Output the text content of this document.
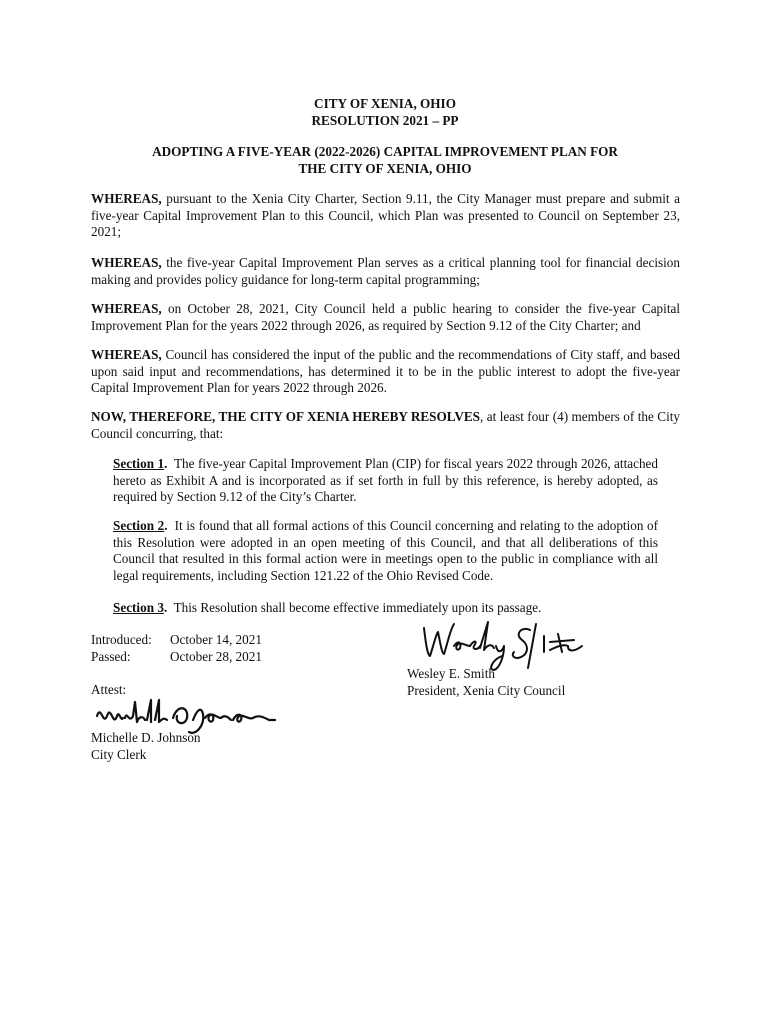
CITY OF XENIA, OHIO
RESOLUTION 2021 – PP
ADOPTING A FIVE-YEAR (2022-2026) CAPITAL IMPROVEMENT PLAN FOR
THE CITY OF XENIA, OHIO
WHEREAS, pursuant to the Xenia City Charter, Section 9.11, the City Manager must prepare and submit a five-year Capital Improvement Plan to this Council, which Plan was presented to Council on September 23, 2021;
WHEREAS, the five-year Capital Improvement Plan serves as a critical planning tool for financial decision making and provides policy guidance for long-term capital programming;
WHEREAS, on October 28, 2021, City Council held a public hearing to consider the five-year Capital Improvement Plan for the years 2022 through 2026, as required by Section 9.12 of the City Charter; and
WHEREAS, Council has considered the input of the public and the recommendations of City staff, and based upon said input and recommendations, has determined it to be in the public interest to adopt the five-year Capital Improvement Plan for years 2022 through 2026.
NOW, THEREFORE, THE CITY OF XENIA HEREBY RESOLVES, at least four (4) members of the City Council concurring, that:
Section 1.  The five-year Capital Improvement Plan (CIP) for fiscal years 2022 through 2026, attached hereto as Exhibit A and is incorporated as if set forth in full by this reference, is hereby adopted, as required by Section 9.12 of the City’s Charter.
Section 2.  It is found that all formal actions of this Council concerning and relating to the adoption of this Resolution were adopted in an open meeting of this Council, and that all deliberations of this Council that resulted in this formal action were in meetings open to the public in compliance with all legal requirements, including Section 121.22 of the Ohio Revised Code.
Section 3.  This Resolution shall become effective immediately upon its passage.
Introduced: October 14, 2021
Passed:	October 28, 2021
Attest:
Michelle D. Johnson
City Clerk
Wesley E. Smith
President, Xenia City Council
